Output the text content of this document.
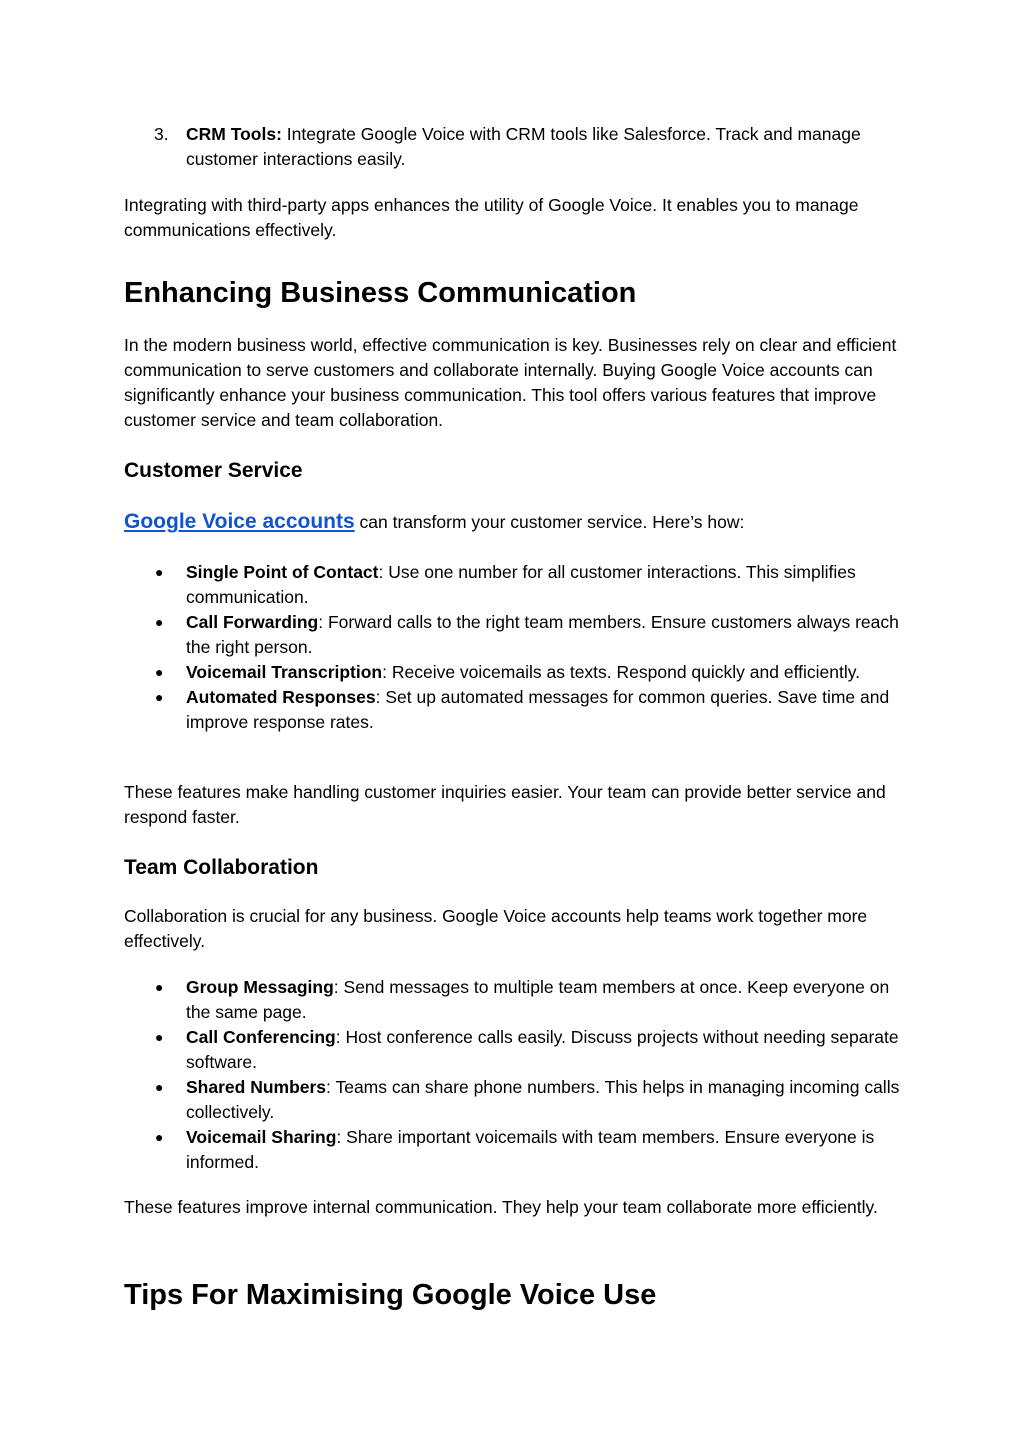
3. CRM Tools: Integrate Google Voice with CRM tools like Salesforce. Track and manage customer interactions easily.

Integrating with third-party apps enhances the utility of Google Voice. It enables you to manage communications effectively.

Enhancing Business Communication

In the modern business world, effective communication is key. Businesses rely on clear and efficient communication to serve customers and collaborate internally. Buying Google Voice accounts can significantly enhance your business communication. This tool offers various features that improve customer service and team collaboration.

Customer Service

Google Voice accounts can transform your customer service. Here’s how:

●	Single Point of Contact: Use one number for all customer interactions. This simplifies communication.
●	Call Forwarding: Forward calls to the right team members. Ensure customers always reach the right person.
●	Voicemail Transcription: Receive voicemails as texts. Respond quickly and efficiently.
●	Automated Responses: Set up automated messages for common queries. Save time and improve response rates.

These features make handling customer inquiries easier. Your team can provide better service and respond faster.

Team Collaboration

Collaboration is crucial for any business. Google Voice accounts help teams work together more effectively.

●	Group Messaging: Send messages to multiple team members at once. Keep everyone on the same page.
●	Call Conferencing: Host conference calls easily. Discuss projects without needing separate software.
●	Shared Numbers: Teams can share phone numbers. This helps in managing incoming calls collectively.
●	Voicemail Sharing: Share important voicemails with team members. Ensure everyone is informed.

These features improve internal communication. They help your team collaborate more efficiently.

Tips For Maximising Google Voice Use
